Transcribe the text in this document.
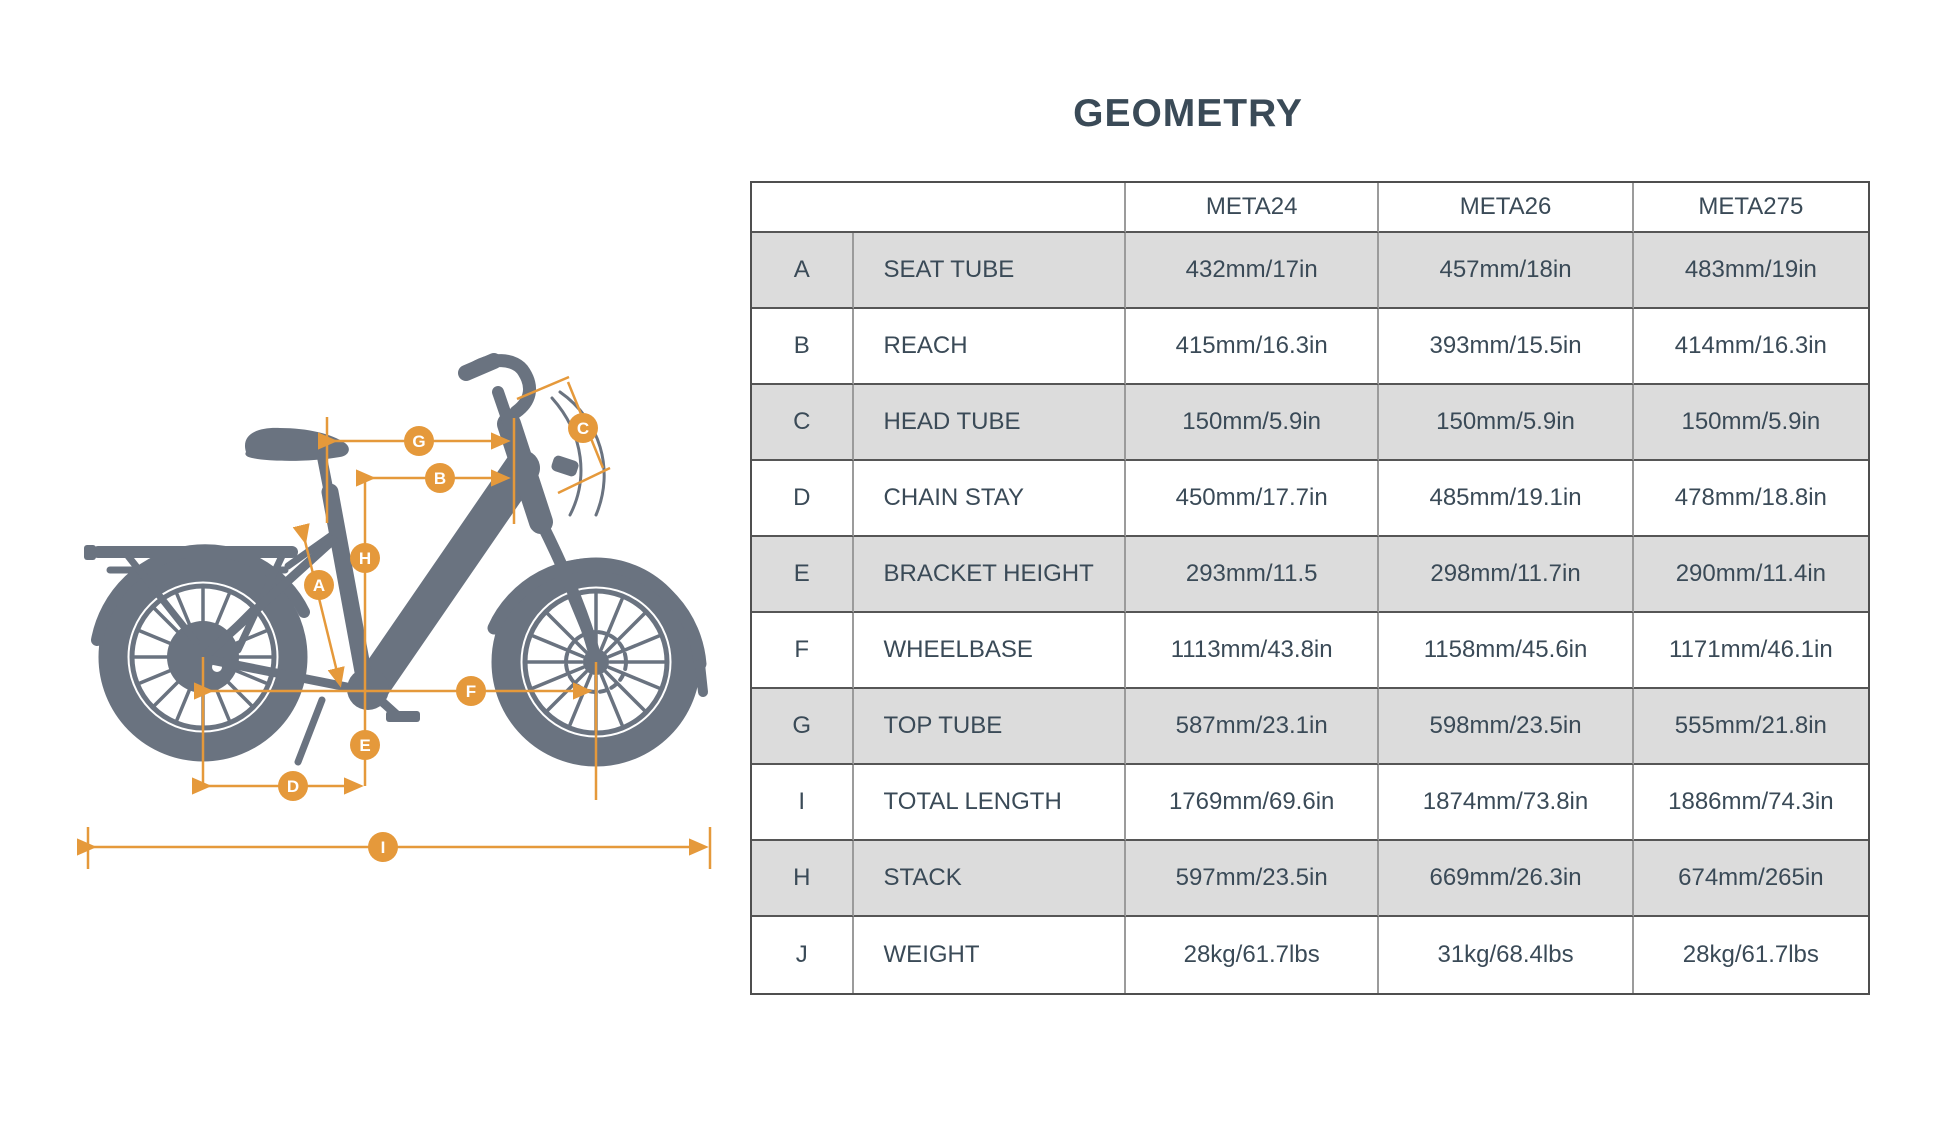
GEOMETRY
G
B
C
H
A
F
E
D
I
		META24	META26	META275
A	SEAT TUBE	432mm/17in	457mm/18in	483mm/19in
B	REACH	415mm/16.3in	393mm/15.5in	414mm/16.3in
C	HEAD TUBE	150mm/5.9in	150mm/5.9in	150mm/5.9in
D	CHAIN STAY	450mm/17.7in	485mm/19.1in	478mm/18.8in
E	BRACKET HEIGHT	293mm/11.5	298mm/11.7in	290mm/11.4in
F	WHEELBASE	1113mm/43.8in	1158mm/45.6in	1171mm/46.1in
G	TOP TUBE	587mm/23.1in	598mm/23.5in	555mm/21.8in
I	TOTAL LENGTH	1769mm/69.6in	1874mm/73.8in	1886mm/74.3in
H	STACK	597mm/23.5in	669mm/26.3in	674mm/265in
J	WEIGHT	28kg/61.7lbs	31kg/68.4lbs	28kg/61.7lbs
